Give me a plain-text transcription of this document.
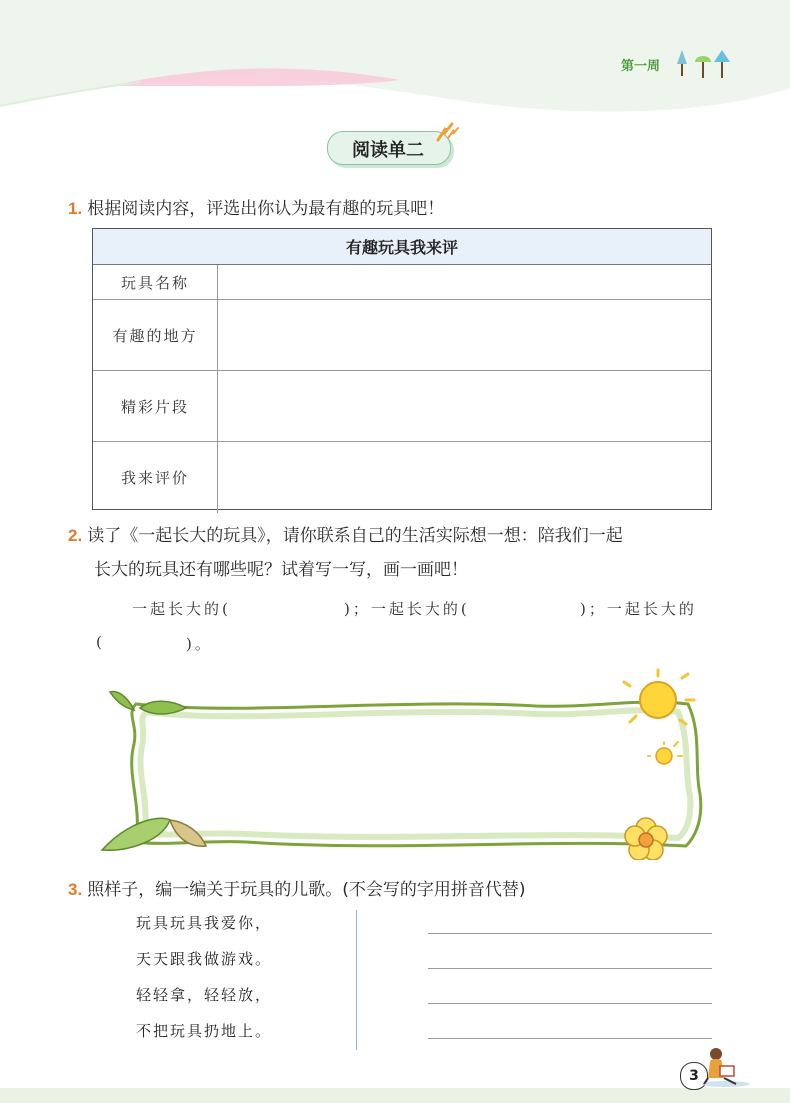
第一周
阅读单二
1. 根据阅读内容，评选出你认为最有趣的玩具吧！
有趣玩具我来评	
玩具名称	
有趣的地方	
精彩片段	
我来评价	
2. 读了《一起长大的玩具》，请你联系自己的生活实际想一想：陪我们一起
长大的玩具还有哪些呢？试着写一写，画一画吧！
一起长大的(	)；一起长大的(	)；一起长大的
(	)。
3. 照样子，编一编关于玩具的儿歌。(不会写的字用拼音代替)
玩具玩具我爱你，
天天跟我做游戏。
轻轻拿，轻轻放，
不把玩具扔地上。
3
